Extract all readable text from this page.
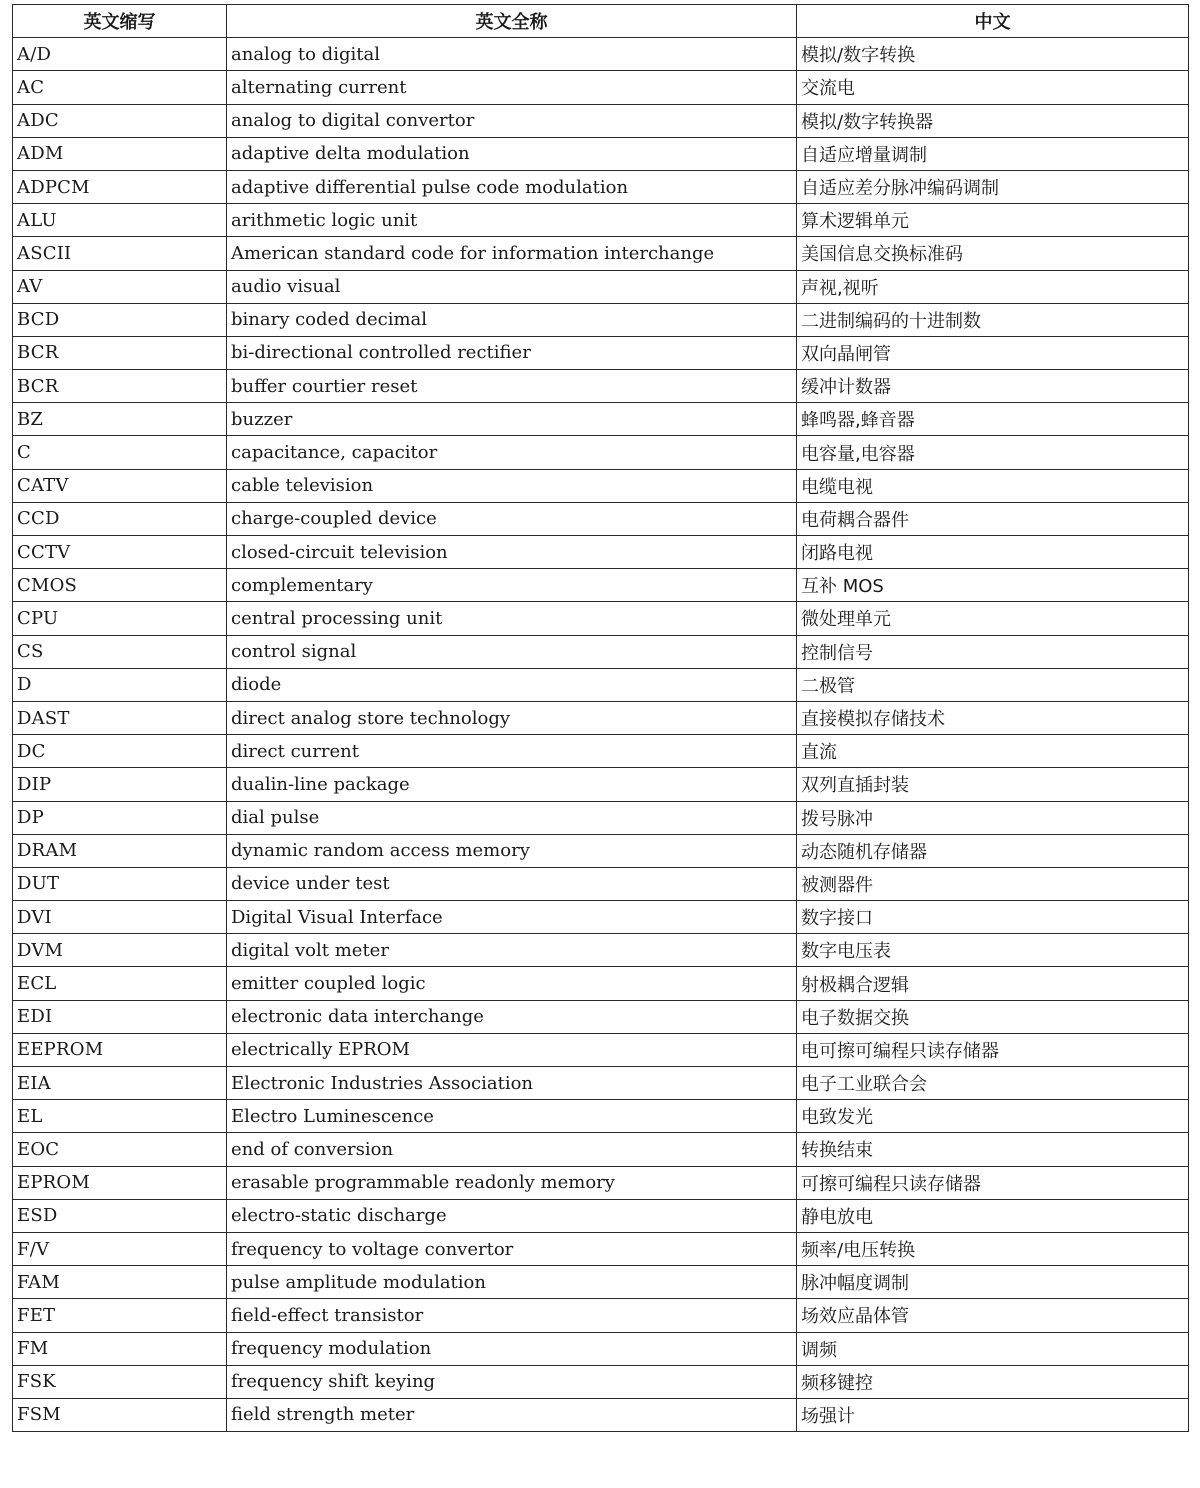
英文缩写	英文全称	中文
A/D	analog to digital	模拟/数字转换
AC	alternating current	交流电
ADC	analog to digital convertor	模拟/数字转换器
ADM	adaptive delta modulation	自适应增量调制
ADPCM	adaptive differential pulse code modulation	自适应差分脉冲编码调制
ALU	arithmetic logic unit	算术逻辑单元
ASCII	American standard code for information interchange	美国信息交换标准码
AV	audio visual	声视,视听
BCD	binary coded decimal	二进制编码的十进制数
BCR	bi-directional controlled rectifier	双向晶闸管
BCR	buffer courtier reset	缓冲计数器
BZ	buzzer	蜂鸣器,蜂音器
C	capacitance, capacitor	电容量,电容器
CATV	cable television	电缆电视
CCD	charge-coupled device	电荷耦合器件
CCTV	closed-circuit television	闭路电视
CMOS	complementary	互补 MOS
CPU	central processing unit	微处理单元
CS	control signal	控制信号
D	diode	二极管
DAST	direct analog store technology	直接模拟存储技术
DC	direct current	直流
DIP	dualin-line package	双列直插封装
DP	dial pulse	拨号脉冲
DRAM	dynamic random access memory	动态随机存储器
DUT	device under test	被测器件
DVI	Digital Visual Interface	数字接口
DVM	digital volt meter	数字电压表
ECL	emitter coupled logic	射极耦合逻辑
EDI	electronic data interchange	电子数据交换
EEPROM	electrically EPROM	电可擦可编程只读存储器
EIA	Electronic Industries Association	电子工业联合会
EL	Electro Luminescence	电致发光
EOC	end of conversion	转换结束
EPROM	erasable programmable readonly memory	可擦可编程只读存储器
ESD	electro-static discharge	静电放电
F/V	frequency to voltage convertor	频率/电压转换
FAM	pulse amplitude modulation	脉冲幅度调制
FET	field-effect transistor	场效应晶体管
FM	frequency modulation	调频
FSK	frequency shift keying	频移键控
FSM	field strength meter	场强计
